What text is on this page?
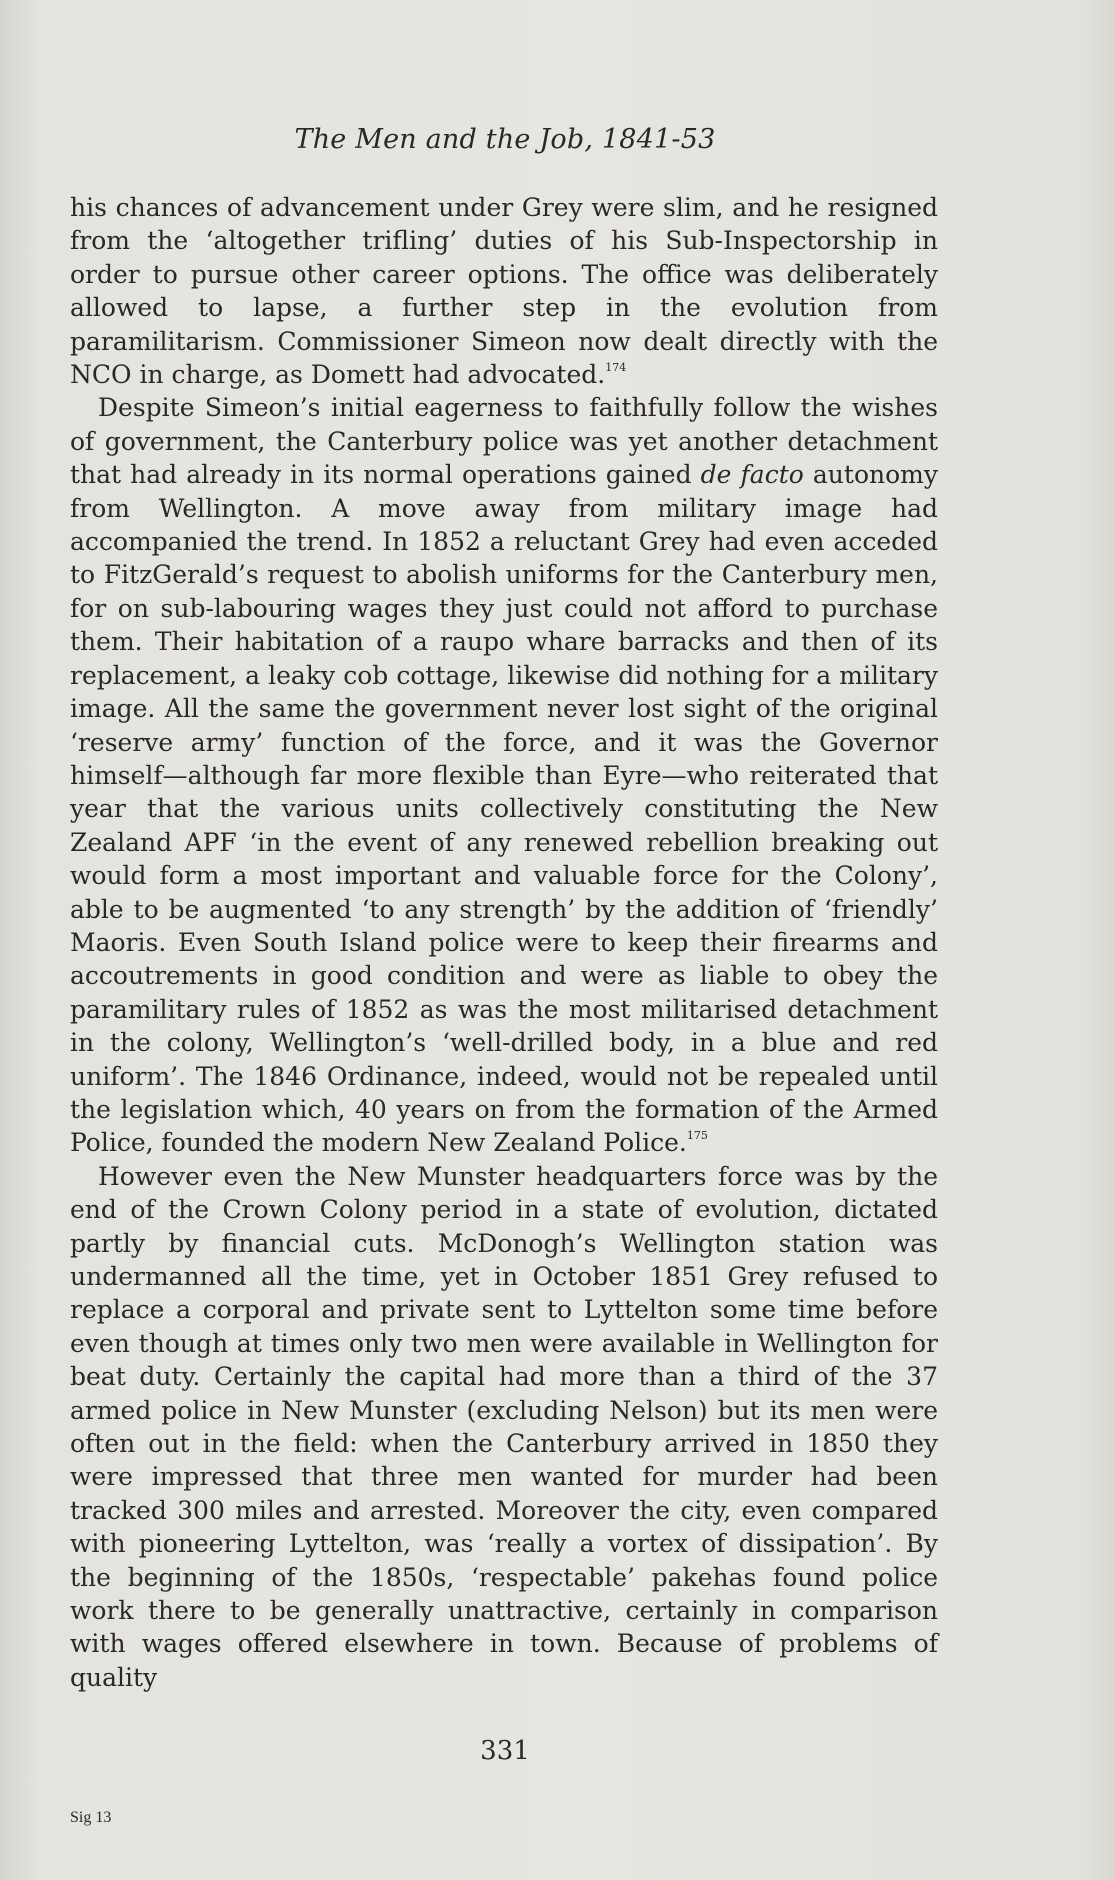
The Men and the Job, 1841-53

his chances of advancement under Grey were slim, and he resigned from the ‘altogether trifling’ duties of his Sub-Inspectorship in order to pursue other career options. The office was deliberately allowed to lapse, a further step in the evolution from paramilitarism. Commissioner Simeon now dealt directly with the NCO in charge, as Domett had advocated.$^{174}$

Despite Simeon’s initial eagerness to faithfully follow the wishes of government, the Canterbury police was yet another detachment that had already in its normal operations gained de facto autonomy from Wellington. A move away from military image had accompanied the trend. In 1852 a reluctant Grey had even acceded to FitzGerald’s request to abolish uniforms for the Canterbury men, for on sub-labouring wages they just could not afford to purchase them. Their habitation of a raupo whare barracks and then of its replacement, a leaky cob cottage, likewise did nothing for a military image. All the same the government never lost sight of the original ‘reserve army’ function of the force, and it was the Governor himself—although far more flexible than Eyre—who reiterated that year that the various units collectively constituting the New Zealand APF ‘in the event of any renewed rebellion breaking out would form a most important and valuable force for the Colony’, able to be augmented ‘to any strength’ by the addition of ‘friendly’ Maoris. Even South Island police were to keep their firearms and accoutrements in good condition and were as liable to obey the paramilitary rules of 1852 as was the most militarised detachment in the colony, Wellington’s ‘well-drilled body, in a blue and red uniform’. The 1846 Ordinance, indeed, would not be repealed until the legislation which, 40 years on from the formation of the Armed Police, founded the modern New Zealand Police.$^{175}$

However even the New Munster headquarters force was by the end of the Crown Colony period in a state of evolution, dictated partly by financial cuts. McDonogh’s Wellington station was undermanned all the time, yet in October 1851 Grey refused to replace a corporal and private sent to Lyttelton some time before even though at times only two men were available in Wellington for beat duty. Certainly the capital had more than a third of the 37 armed police in New Munster (excluding Nelson) but its men were often out in the field: when the Canterbury arrived in 1850 they were impressed that three men wanted for murder had been tracked 300 miles and arrested. Moreover the city, even compared with pioneering Lyttelton, was ‘really a vortex of dissipation’. By the beginning of the 1850s, ‘respectable’ pakehas found police work there to be generally unattractive, certainly in comparison with wages offered elsewhere in town. Because of problems of quality

331
Sig 13
